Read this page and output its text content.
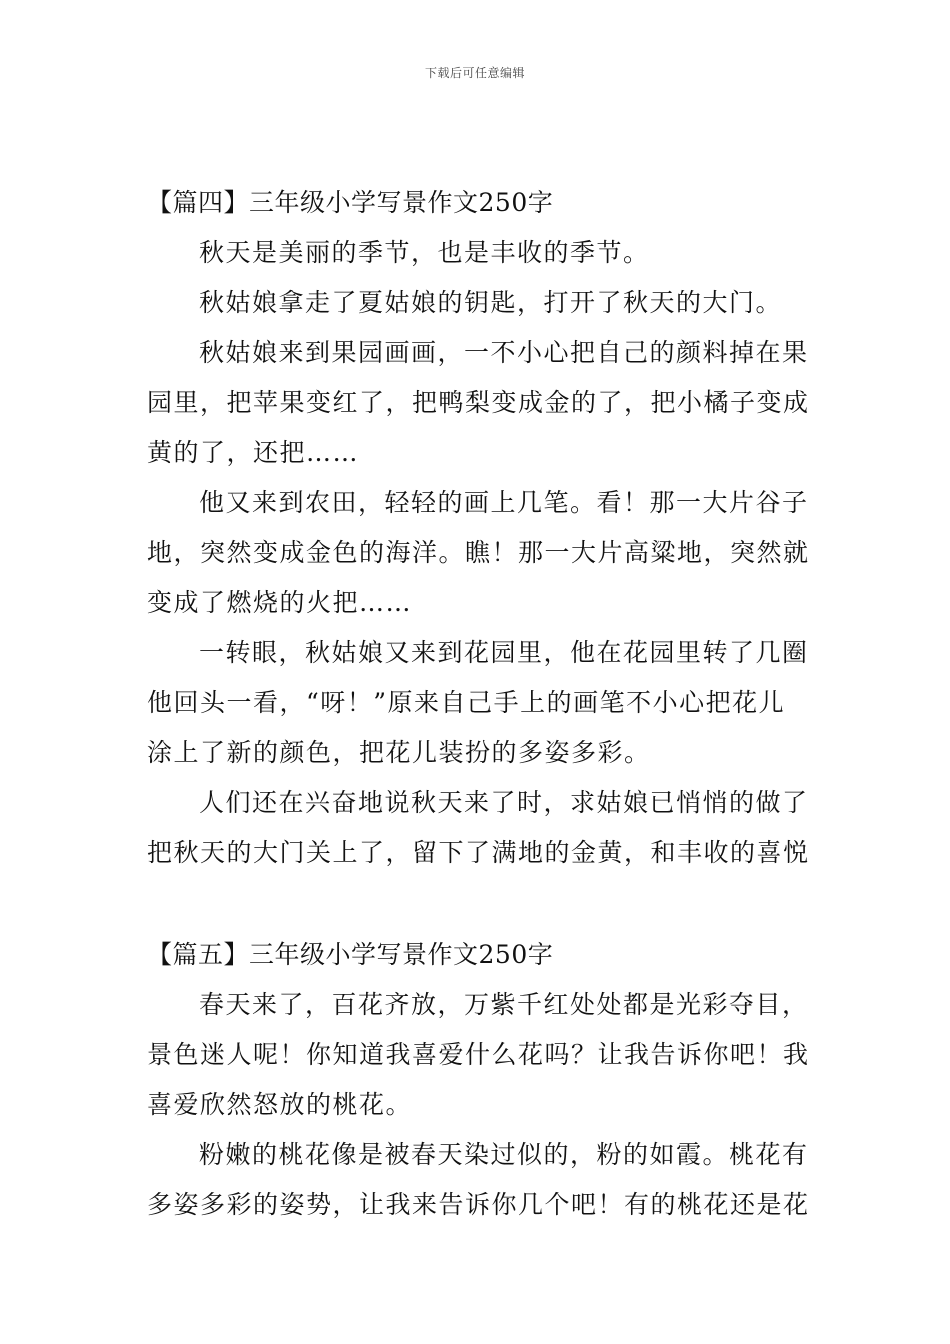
下载后可任意编辑
【篇四】三年级小学写景作文250字
秋天是美丽的季节，也是丰收的季节。
秋姑娘拿走了夏姑娘的钥匙，打开了秋天的大门。
秋姑娘来到果园画画，一不小心把自己的颜料掉在果
园里，把苹果变红了，把鸭梨变成金的了，把小橘子变成
黄的了，还把……
他又来到农田，轻轻的画上几笔。看！那一大片谷子
地，突然变成金色的海洋。瞧！那一大片高粱地，突然就
变成了燃烧的火把……
一转眼，秋姑娘又来到花园里，他在花园里转了几圈
他回头一看，“呀！”原来自己手上的画笔不小心把花儿
涂上了新的颜色，把花儿装扮的多姿多彩。
人们还在兴奋地说秋天来了时，求姑娘已悄悄的做了
把秋天的大门关上了，留下了满地的金黄，和丰收的喜悦
【篇五】三年级小学写景作文250字
春天来了，百花齐放，万紫千红处处都是光彩夺目，
景色迷人呢！你知道我喜爱什么花吗？让我告诉你吧！我
喜爱欣然怒放的桃花。
粉嫩的桃花像是被春天染过似的，粉的如霞。桃花有
多姿多彩的姿势，让我来告诉你几个吧！有的桃花还是花
